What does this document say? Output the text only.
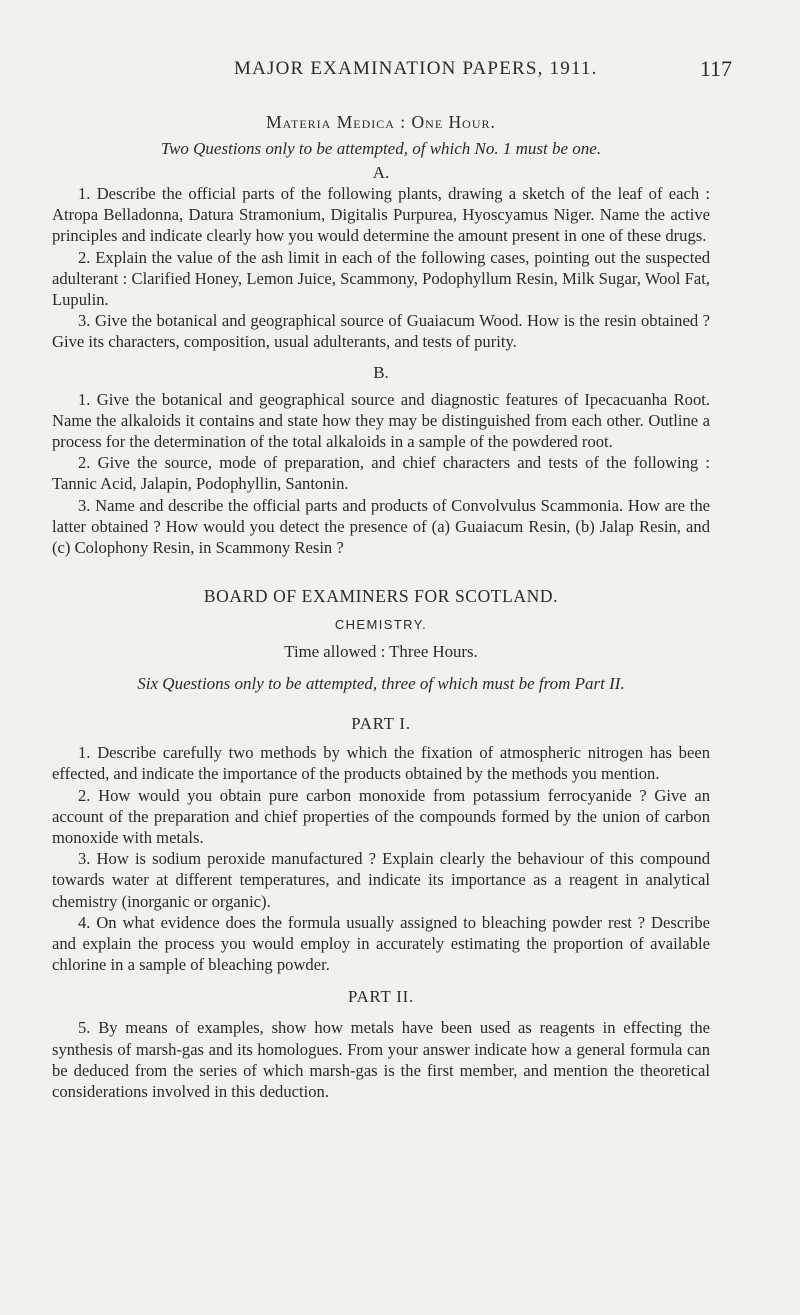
MAJOR EXAMINATION PAPERS, 1911.	117
Materia Medica : One Hour.
Two Questions only to be attempted, of which No. 1 must be one.
A.

1. Describe the official parts of the following plants, drawing a sketch of the leaf of each : Atropa Belladonna, Datura Stramonium, Digitalis Purpurea, Hyoscyamus Niger. Name the active principles and indicate clearly how you would determine the amount present in one of these drugs.

2. Explain the value of the ash limit in each of the following cases, pointing out the suspected adulterant : Clarified Honey, Lemon Juice, Scammony, Podophyllum Resin, Milk Sugar, Wool Fat, Lupulin.

3. Give the botanical and geographical source of Guaiacum Wood. How is the resin obtained ? Give its characters, composition, usual adulterants, and tests of purity.

B.

1. Give the botanical and geographical source and diagnostic features of Ipecacuanha Root. Name the alkaloids it contains and state how they may be distinguished from each other. Outline a process for the determination of the total alkaloids in a sample of the powdered root.

2. Give the source, mode of preparation, and chief characters and tests of the following : Tannic Acid, Jalapin, Podophyllin, Santonin.

3. Name and describe the official parts and products of Convolvulus Scammonia. How are the latter obtained ? How would you detect the presence of (a) Guaiacum Resin, (b) Jalap Resin, and (c) Colophony Resin, in Scammony Resin ?

BOARD OF EXAMINERS FOR SCOTLAND.
CHEMISTRY.
Time allowed : Three Hours.
Six Questions only to be attempted, three of which must be from Part II.
PART I.

1. Describe carefully two methods by which the fixation of atmospheric nitrogen has been effected, and indicate the importance of the products obtained by the methods you mention.

2. How would you obtain pure carbon monoxide from potassium ferrocyanide ? Give an account of the preparation and chief properties of the compounds formed by the union of carbon monoxide with metals.

3. How is sodium peroxide manufactured ? Explain clearly the behaviour of this compound towards water at different temperatures, and indicate its importance as a reagent in analytical chemistry (inorganic or organic).

4. On what evidence does the formula usually assigned to bleaching powder rest ? Describe and explain the process you would employ in accurately estimating the proportion of available chlorine in a sample of bleaching powder.

PART II.

5. By means of examples, show how metals have been used as reagents in effecting the synthesis of marsh-gas and its homologues. From your answer indicate how a general formula can be deduced from the series of which marsh-gas is the first member, and mention the theoretical considerations involved in this deduction.
